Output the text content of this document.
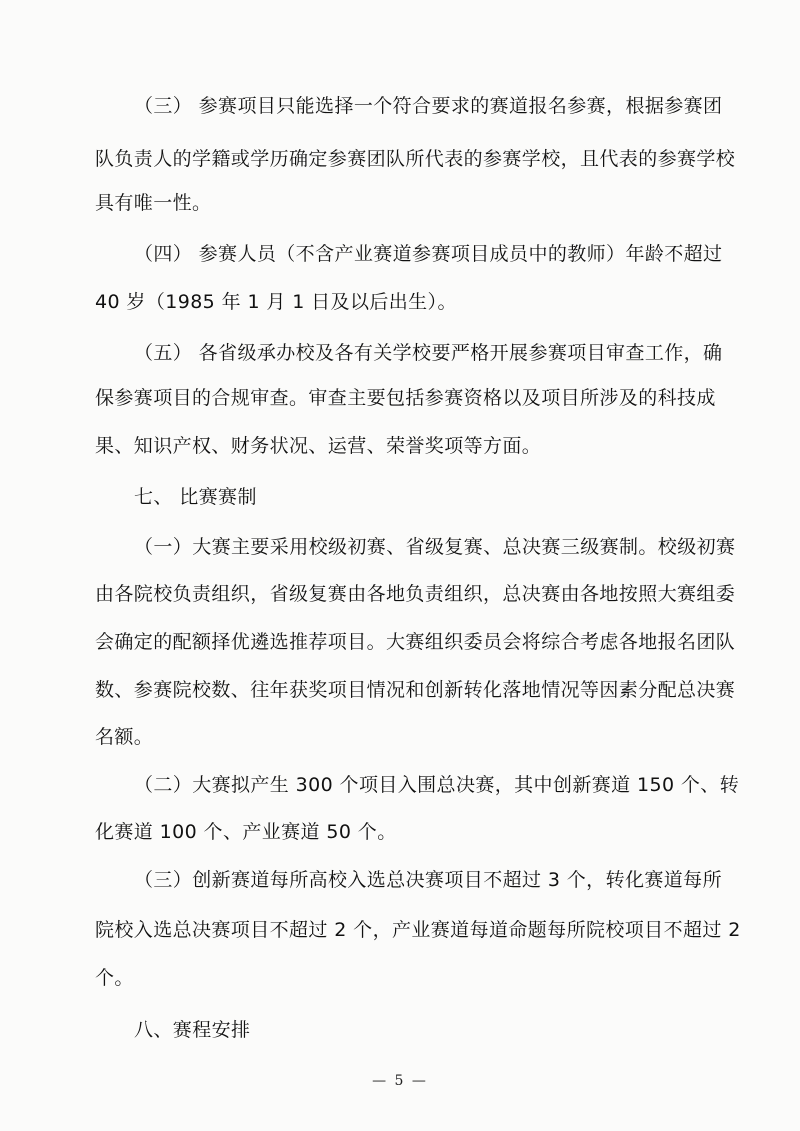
（三） 参赛项目只能选择一个符合要求的赛道报名参赛，根据参赛团
队负责人的学籍或学历确定参赛团队所代表的参赛学校，且代表的参赛学校
具有唯一性。
（四） 参赛人员（不含产业赛道参赛项目成员中的教师）年龄不超过
40 岁（1985 年 1 月 1 日及以后出生）。
（五） 各省级承办校及各有关学校要严格开展参赛项目审查工作，确
保参赛项目的合规审查。审查主要包括参赛资格以及项目所涉及的科技成
果、知识产权、财务状况、运营、荣誉奖项等方面。
七、 比赛赛制
（一）大赛主要采用校级初赛、省级复赛、总决赛三级赛制。校级初赛
由各院校负责组织，省级复赛由各地负责组织，总决赛由各地按照大赛组委
会确定的配额择优遴选推荐项目。大赛组织委员会将综合考虑各地报名团队
数、参赛院校数、往年获奖项目情况和创新转化落地情况等因素分配总决赛
名额。
（二）大赛拟产生 300 个项目入围总决赛，其中创新赛道 150 个、转
化赛道 100 个、产业赛道 50 个。
（三）创新赛道每所高校入选总决赛项目不超过 3 个，转化赛道每所
院校入选总决赛项目不超过 2 个，产业赛道每道命题每所院校项目不超过 2
个。
八、赛程安排
— 5 —
